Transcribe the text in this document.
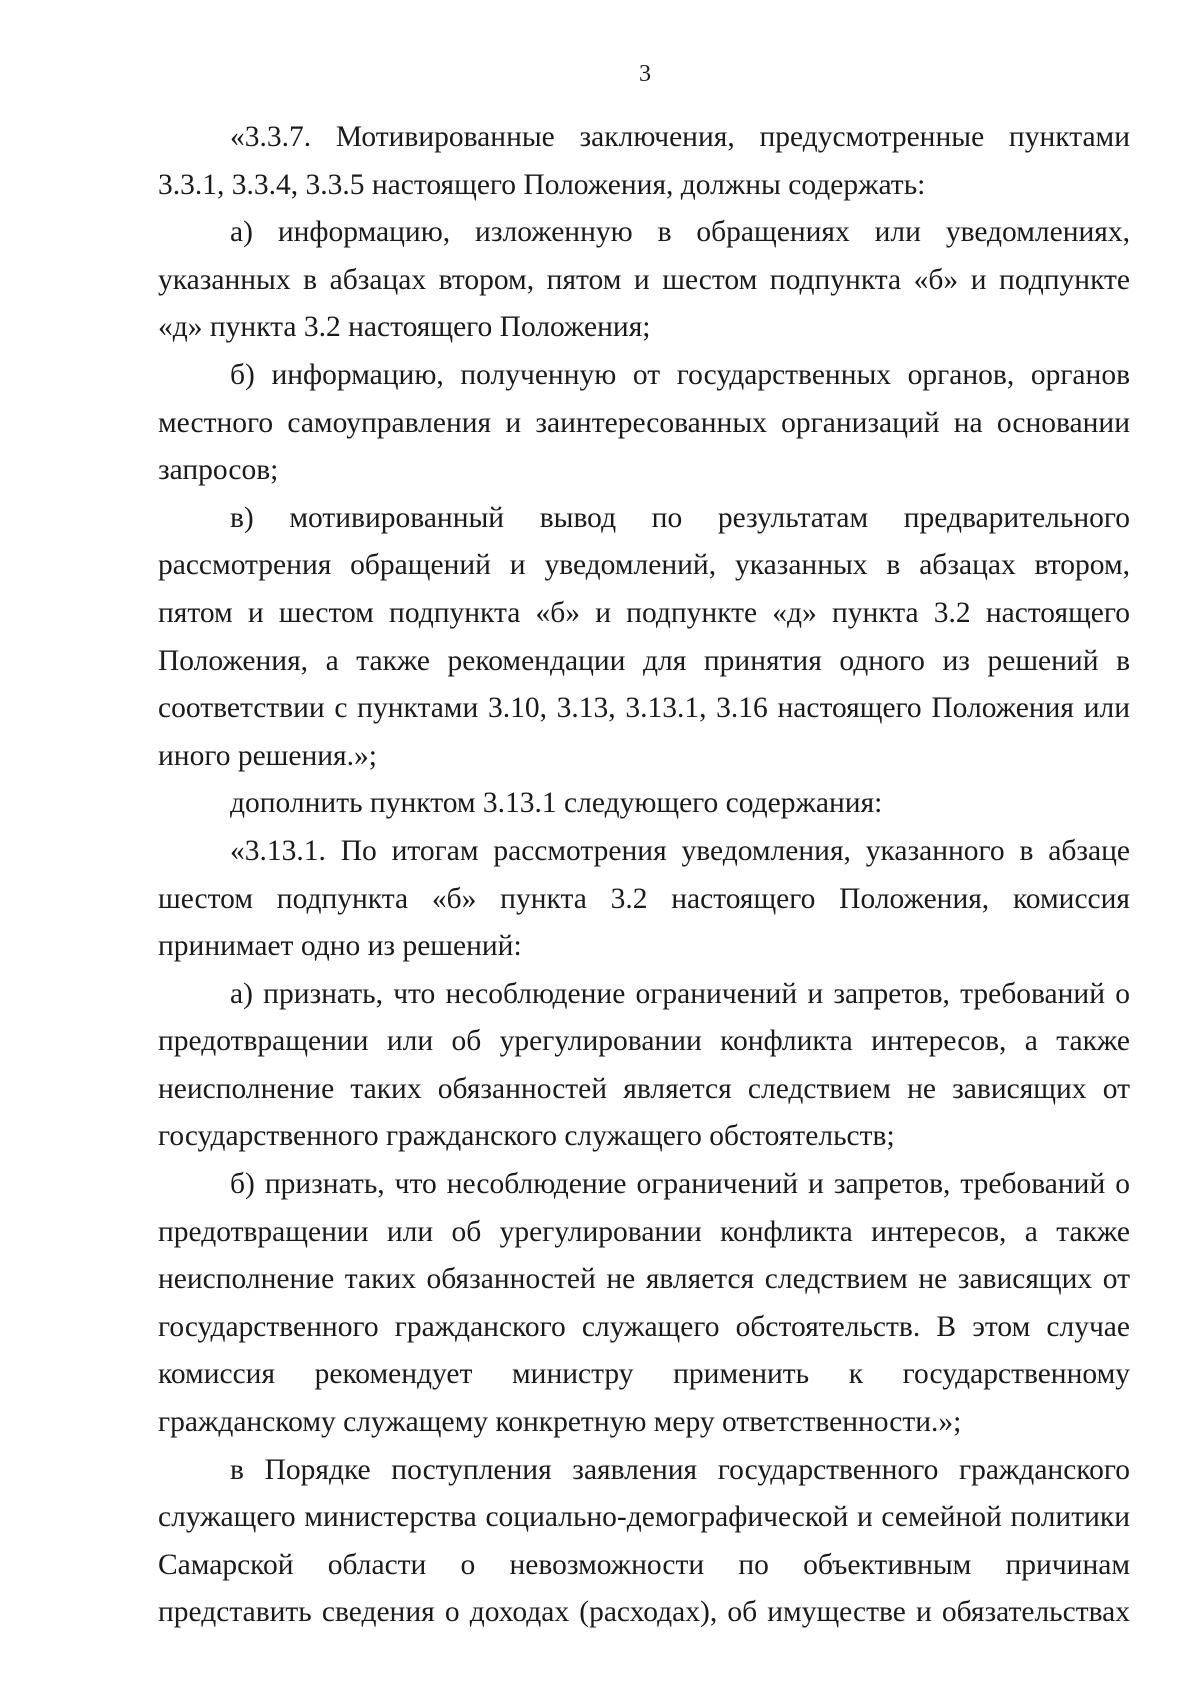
3

«3.3.7. Мотивированные заключения, предусмотренные пунктами 3.3.1, 3.3.4, 3.3.5 настоящего Положения, должны содержать:

а) информацию, изложенную в обращениях или уведомлениях, указанных в абзацах втором, пятом и шестом подпункта «б» и подпункте «д» пункта 3.2 настоящего Положения;

б) информацию, полученную от государственных органов, органов местного самоуправления и заинтересованных организаций на основании запросов;

в) мотивированный вывод по результатам предварительного рассмотрения обращений и уведомлений, указанных в абзацах втором, пятом и шестом подпункта «б» и подпункте «д» пункта 3.2 настоящего Положения, а также рекомендации для принятия одного из решений в соответствии с пунктами 3.10, 3.13, 3.13.1, 3.16 настоящего Положения или иного решения.»;

дополнить пунктом 3.13.1 следующего содержания:

«3.13.1. По итогам рассмотрения уведомления, указанного в абзаце шестом подпункта «б» пункта 3.2 настоящего Положения, комиссия принимает одно из решений:

а) признать, что несоблюдение ограничений и запретов, требований о предотвращении или об урегулировании конфликта интересов, а также неисполнение таких обязанностей является следствием не зависящих от государственного гражданского служащего обстоятельств;

б) признать, что несоблюдение ограничений и запретов, требований о предотвращении или об урегулировании конфликта интересов, а также неисполнение таких обязанностей не является следствием не зависящих от государственного гражданского служащего обстоятельств. В этом случае комиссия рекомендует министру применить к государственному гражданскому служащему конкретную меру ответственности.»;

в Порядке поступления заявления государственного гражданского служащего министерства социально-демографической и семейной политики Самарской области о невозможности по объективным причинам представить сведения о доходах (расходах), об имуществе и обязательствах
